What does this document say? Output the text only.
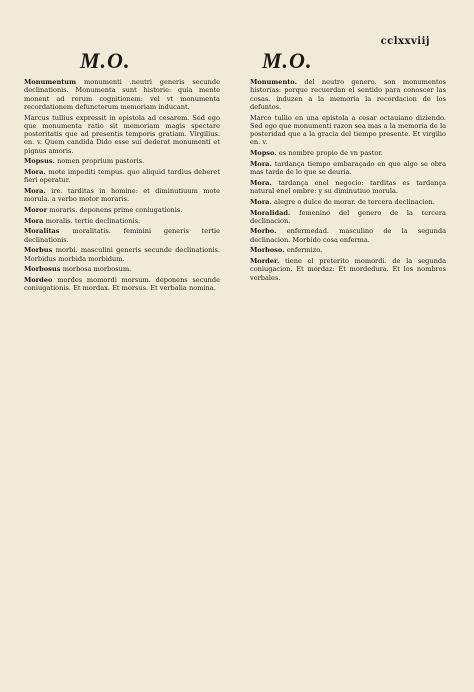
cclxxviij
M.O.	M.O.

Monumentum monumenti .neutri generis secunde declinationis. Monumenta sunt historie: quia mente monent ad rerum cognitionem: vel vt monumenta recordationem defunctorum memoriam inducant.

Marcus tullius expressit in epistola ad cesarem. Sed ego que monumenta ratio sit memoriam magis spectare posteritatis que ad presentis temporis gratiam. Virgilius. en. v. Quem candida Dido esse sui dederat monumenti et pignus amoris.

Mopsus. nomen proprium pastoris.

Mora. mote impediti tempus. quo aliquid tardius deberet fieri operatur.

Mora. ire. tarditas in homine: et diminutiuum mote morula. a verbo motor moraris.

Moror moraris. deponens prime coniugationis.

Mora moralis. tertie declinationis.

Moralitas moralitatis. feminini generis tertie declinationis.

Morbus morbi. masculini generis secunde declinationis. Morbidus morbida morbidum.

Morbosus morbosa morbosum.

Mordeo mordes momordi morsum. deponens secunde coniugationis. Et mordax. Et morsus. Et verbalia nomina.

Monumento. del neutro genero. son monumentos historias: porque recuerdan el sentido para conoscer las cosas. induzen a la memoria la recordacion de los defuntos.

Marco tullio en una epistola a cesar octauiano diziendo. Sed ego que monumenti razon sea mas a la memoria de la posteridad que a la gracia del tiempo presente. Et virgilio en. v.

Mopso. es nombre propio de vn pastor.

Mora. tardança tiempo embaraçado en que algo se obra mas tarde de lo que se deuria.

Mora. tardança enel negocio: tarditas es tardança natural enel ombre: y su diminutiuo morula.

Mora. alegre o dulce de morar. de tercera declinacion.

Moralidad. femenino del genero de la tercera declinacion.

Morbo. enfermedad. masculino de la segunda declinacion. Morbido cosa enferma.

Morboso. enfermizo.

Morder. tiene el preterito momordi. de la segunda coniugacion. Et mordaz: Et mordedura. Et los nombres verbales.
